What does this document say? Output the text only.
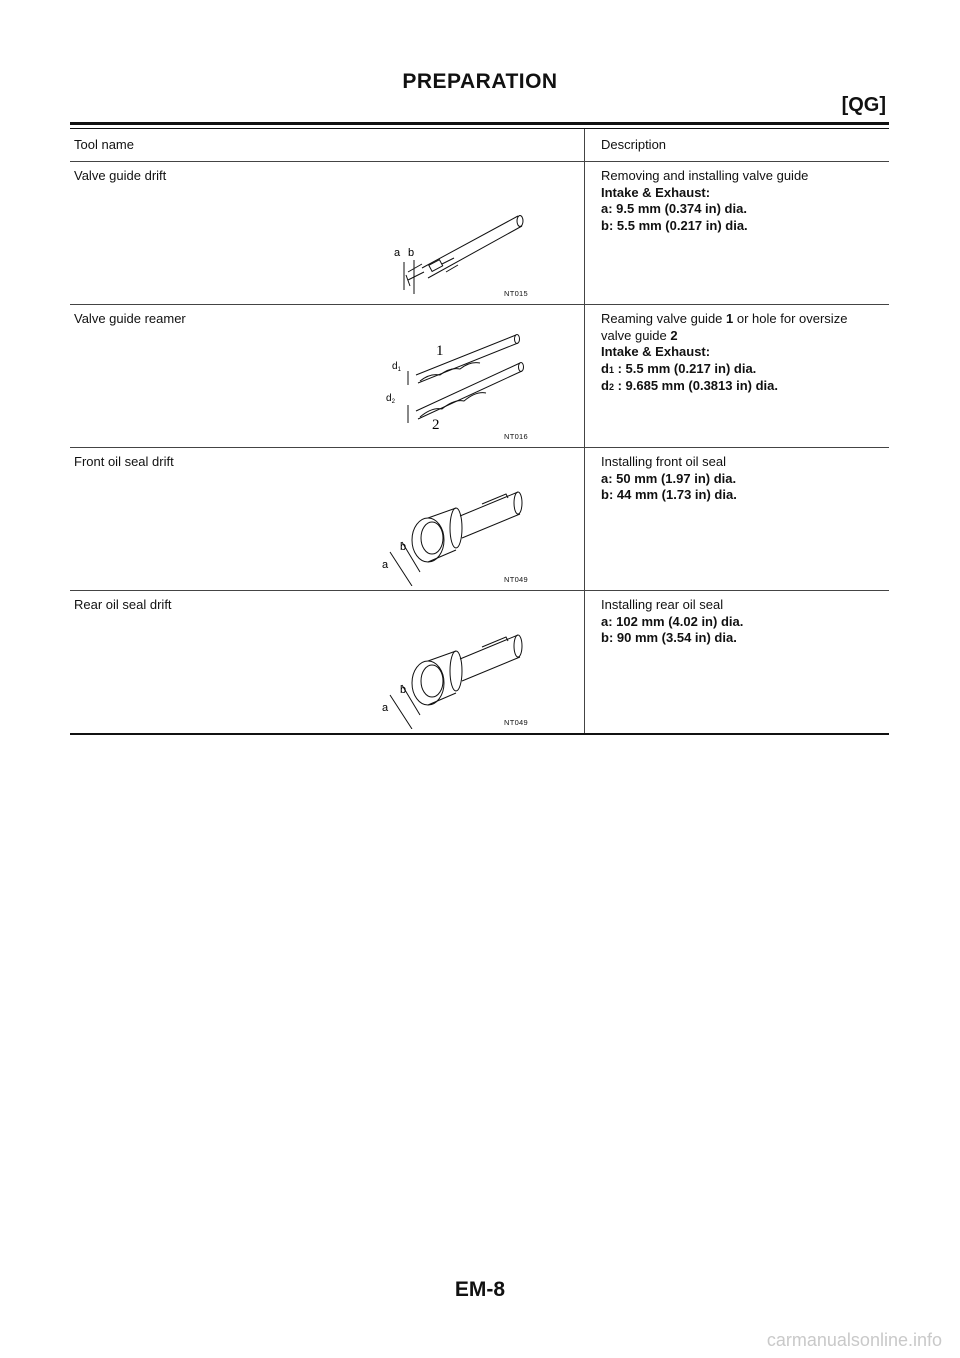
PREPARATION
[QG]
Tool name	Description
Valve guide drift
a b
NT015
Removing and installing valve guide
Intake & Exhaust:
a: 9.5 mm (0.374 in) dia.
b: 5.5 mm (0.217 in) dia.
Valve guide reamer
$d_1$
$d_2$
1
2
NT016
Reaming valve guide 1 or hole for oversize
valve guide 2
Intake & Exhaust:
d1 : 5.5 mm (0.217 in) dia.
d2 : 9.685 mm (0.3813 in) dia.
b
a
Front oil seal drift
NT049
Installing front oil seal
a: 50 mm (1.97 in) dia.
b: 44 mm (1.73 in) dia.
b
a
Rear oil seal drift
NT049
Installing rear oil seal
a: 102 mm (4.02 in) dia.
b: 90 mm (3.54 in) dia.
EM-8
carmanualsonline.info
